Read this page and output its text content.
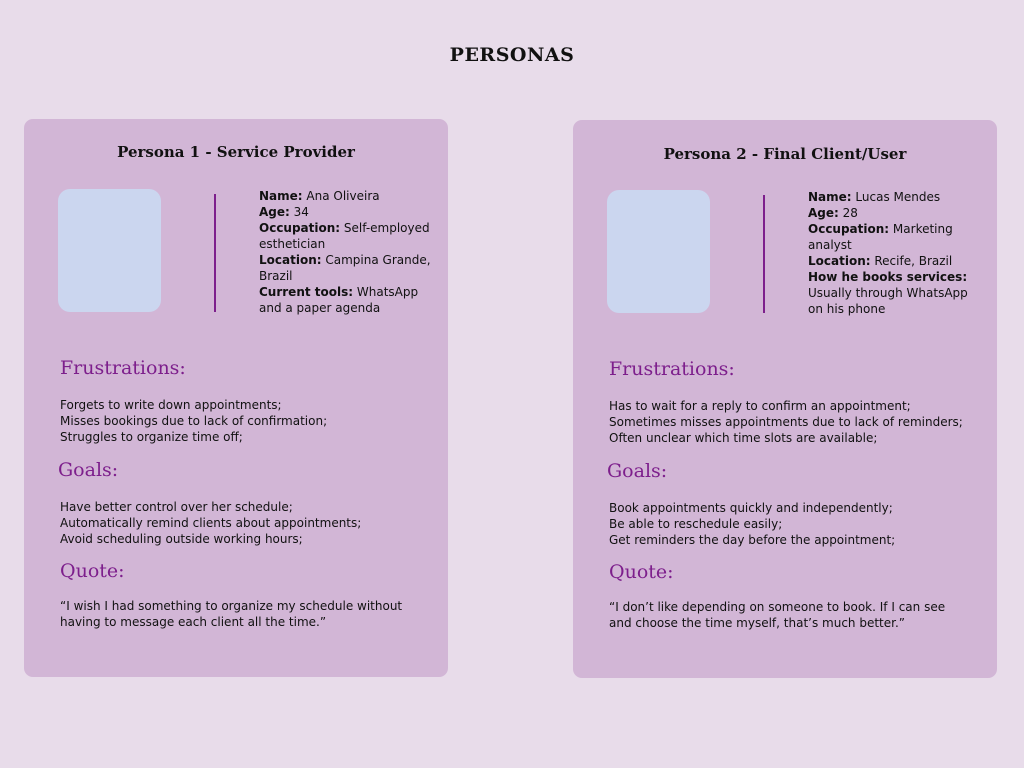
PERSONAS
Persona 1 - Service Provider
Name: Ana Oliveira
Age: 34
Occupation: Self-employed esthetician
Location: Campina Grande, Brazil
Current tools: WhatsApp and a paper agenda
Frustrations:
Forgets to write down appointments;
Misses bookings due to lack of confirmation;
Struggles to organize time off;
Goals:
Have better control over her schedule;
Automatically remind clients about appointments;
Avoid scheduling outside working hours;
Quote:
“I wish I had something to organize my schedule without
having to message each client all the time.”
Persona 2 - Final Client/User
Name: Lucas Mendes
Age: 28
Occupation: Marketing analyst
Location: Recife, Brazil
How he books services: Usually through WhatsApp on his phone
Frustrations:
Has to wait for a reply to confirm an appointment;
Sometimes misses appointments due to lack of reminders;
Often unclear which time slots are available;
Goals:
Book appointments quickly and independently;
Be able to reschedule easily;
Get reminders the day before the appointment;
Quote:
“I don’t like depending on someone to book. If I can see
and choose the time myself, that’s much better.”
